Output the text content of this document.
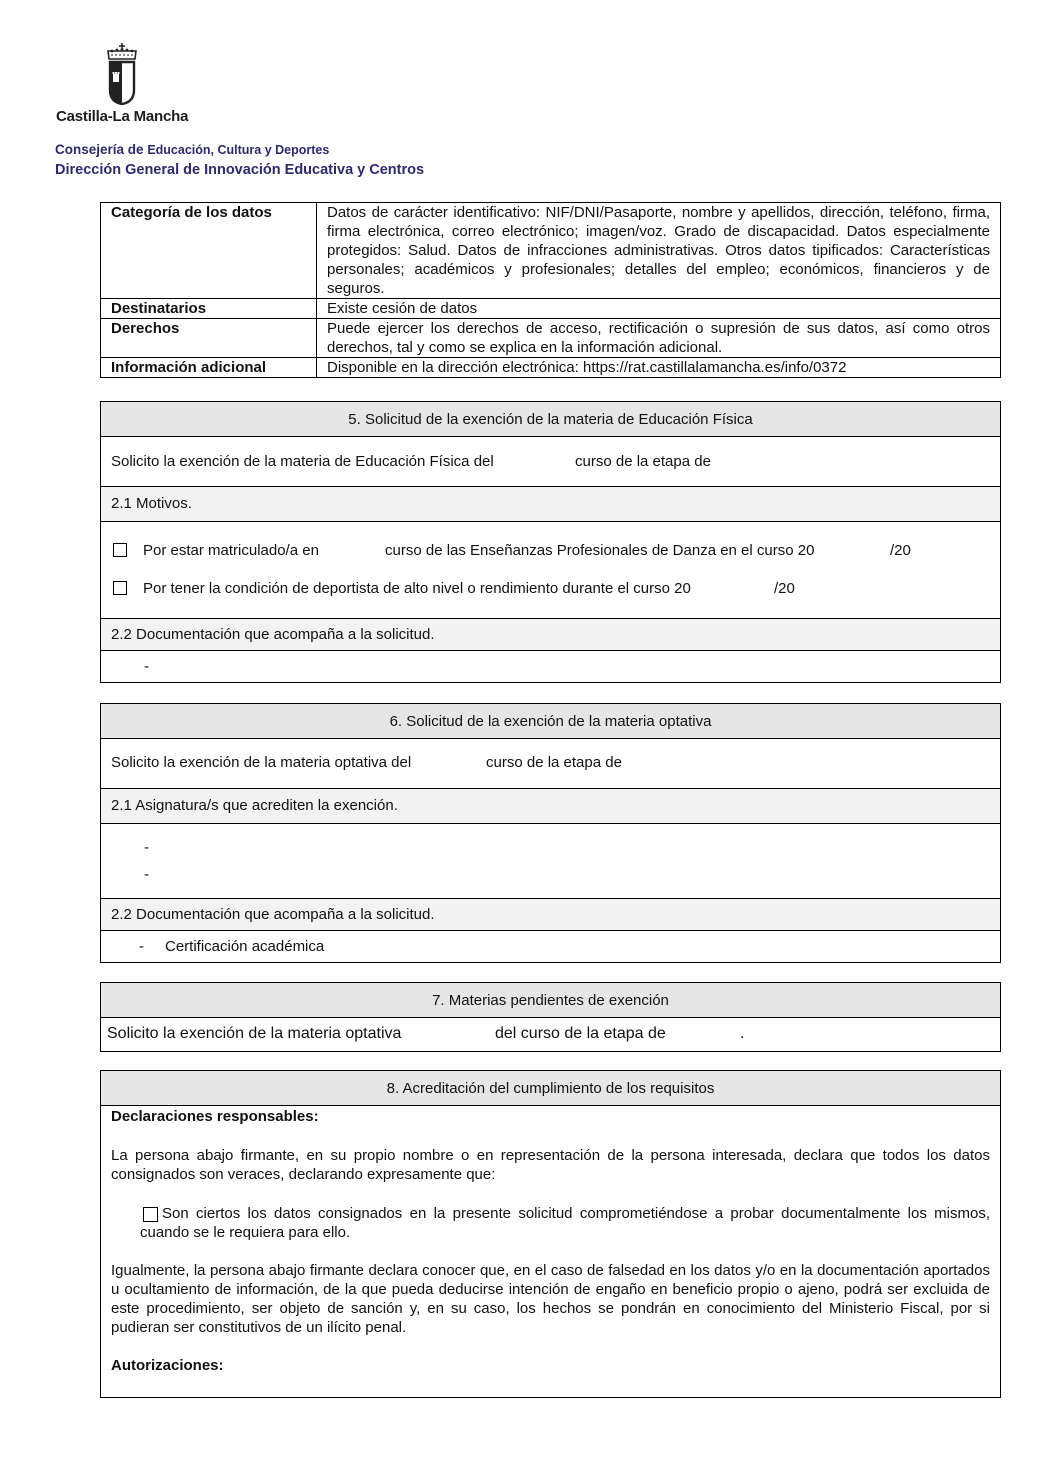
Castilla-La Mancha
Consejería de Educación, Cultura y Deportes
Dirección General de Innovación Educativa y Centros
Categoría de los datos	Datos de carácter identificativo: NIF/DNI/Pasaporte, nombre y apellidos, dirección, teléfono, firma, firma electrónica, correo electrónico; imagen/voz. Grado de discapacidad. Datos especialmente protegidos: Salud. Datos de infracciones administrativas. Otros datos tipificados: Características personales; académicos y profesionales; detalles del empleo; económicos, financieros y de seguros.
Destinatarios	Existe cesión de datos
Derechos	Puede ejercer los derechos de acceso, rectificación o supresión de sus datos, así como otros derechos, tal y como se explica en la información adicional.
Información adicional	Disponible en la dirección electrónica: https://rat.castillalamancha.es/info/0372
5. Solicitud de la exención de la materia de Educación Física
Solicito la exención de la materia de Educación Física del	curso de la etapa de
2.1 Motivos.
Por estar matriculado/a en	curso de las Enseñanzas Profesionales de Danza en el curso 20	/20
Por tener la condición de deportista de alto nivel o rendimiento durante el curso 20	/20
2.2 Documentación que acompaña a la solicitud.
-
6. Solicitud de la exención de la materia optativa
Solicito la exención de la materia optativa del	curso de la etapa de
2.1 Asignatura/s que acrediten la exención.
-
-
2.2 Documentación que acompaña a la solicitud.
- Certificación académica
7. Materias pendientes de exención
Solicito la exención de la materia optativa	del curso de la etapa de	.
8. Acreditación del cumplimiento de los requisitos

Declaraciones responsables:

La persona abajo firmante, en su propio nombre o en representación de la persona interesada, declara que todos los datos consignados son veraces, declarando expresamente que:

Son ciertos los datos consignados en la presente solicitud comprometiéndose a probar documentalmente los mismos, cuando se le requiera para ello.

Igualmente, la persona abajo firmante declara conocer que, en el caso de falsedad en los datos y/o en la documentación aportados u ocultamiento de información, de la que pueda deducirse intención de engaño en beneficio propio o ajeno, podrá ser excluida de este procedimiento, ser objeto de sanción y, en su caso, los hechos se pondrán en conocimiento del Ministerio Fiscal, por si pudieran ser constitutivos de un ilícito penal.

Autorizaciones:
